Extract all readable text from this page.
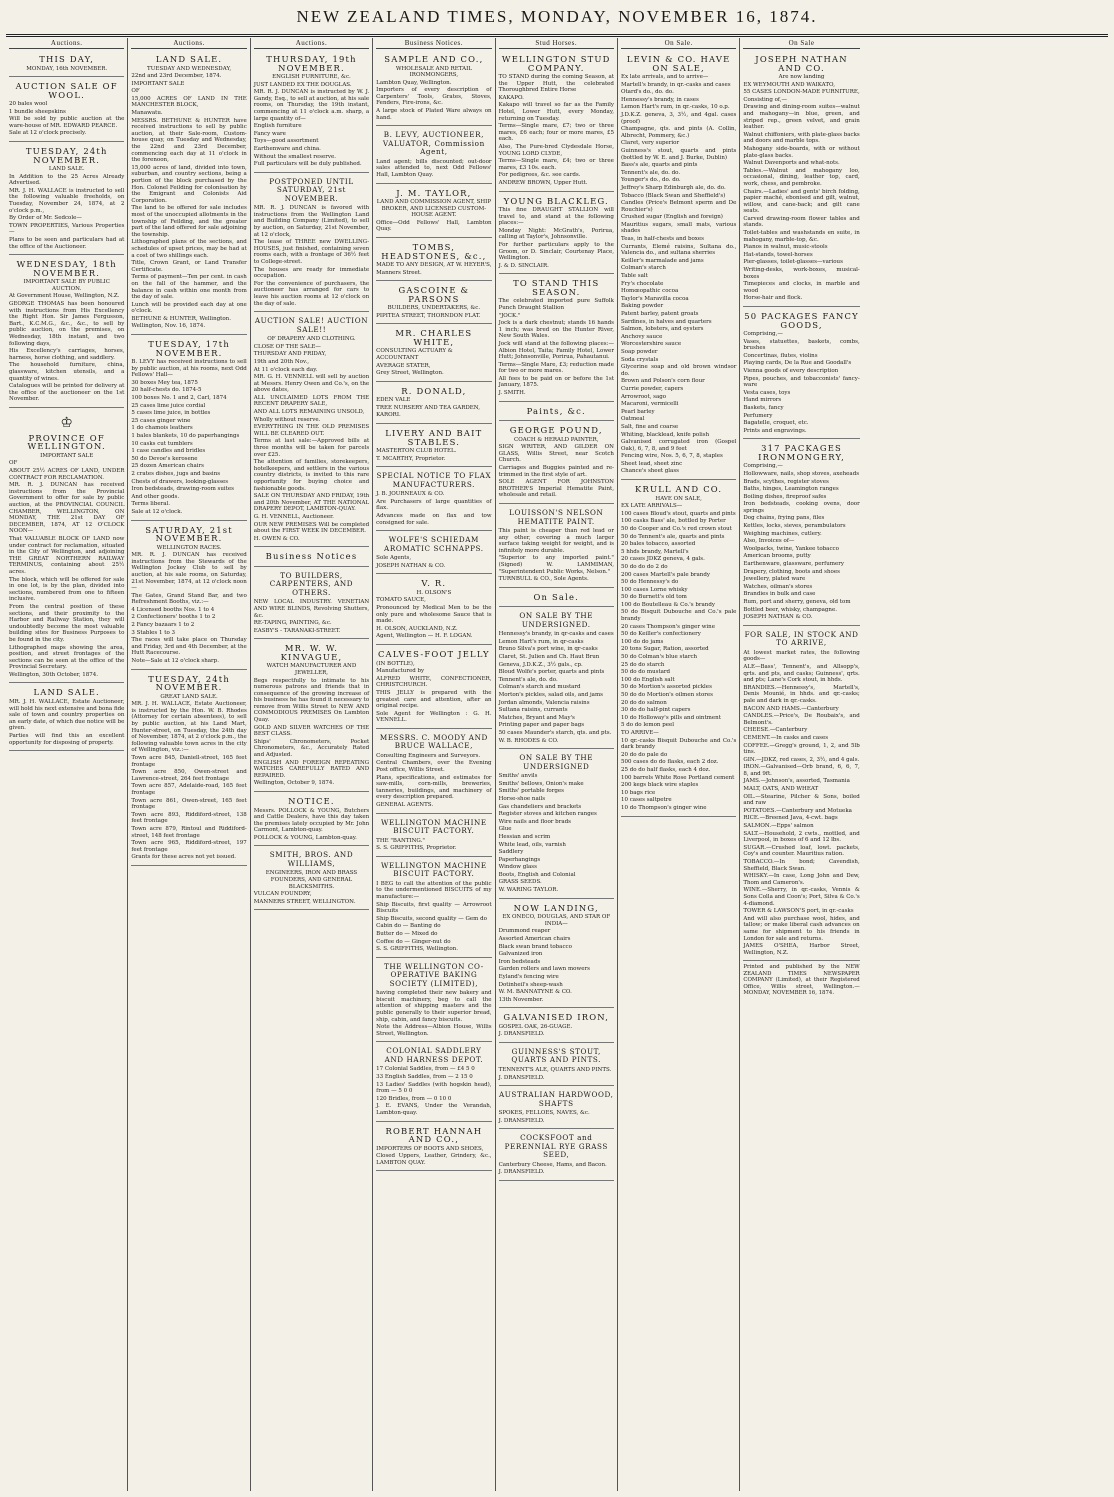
NEW ZEALAND TIMES, MONDAY, NOVEMBER 16, 1874.
Auctions.
THIS DAY,
MONDAY, 16th NOVEMBER.
AUCTION SALE OF WOOL.

20 bales wool

1 bundle sheepskins

Will be sold by public auction at the ware-house of MR. EDWARD PEARCE.

Sale at 12 o'clock precisely.

TUESDAY, 24th NOVEMBER.
LAND SALE.

In Addition to the 25 Acres Already Advertised.

MR. J. H. WALLACE is instructed to sell the following valuable freeholds, on Tuesday, November 24, 1874, at 2 o'clock p.m.,

By Order of Mr. Sedcole—

TOWN PROPERTIES, Various Properties—

Plans to be seen and particulars had at the office of the Auctioneer.

WEDNESDAY, 18th NOVEMBER.
IMPORTANT SALE BY PUBLIC AUCTION.

At Government House, Wellington, N.Z.

GEORGE THOMAS has been honoured with instructions from His Excellency the Right Hon. Sir James Fergusson, Bart., K.C.M.G., &c., &c., to sell by public auction, on the premises, on Wednesday, 18th instant, and two following days,

His Excellency's carriages, horses, harness, horse clothing, and saddlery.

The household furniture, china, glassware, kitchen utensils, and a quantity of wines.

Catalogues will be printed for delivery at the office of the auctioneer on the 1st November.

♔
PROVINCE OF WELLINGTON.
IMPORTANT SALE

OF

ABOUT 25½ ACRES OF LAND, UNDER CONTRACT FOR RECLAMATION.

MR. R. J. DUNCAN has received instructions from the Provincial Government to offer for sale by public auction, at the PROVINCIAL COUNCIL CHAMBER, WELLINGTON, ON MONDAY, THE 21st DAY OF DECEMBER, 1874, AT 12 O'CLOCK NOON—

That VALUABLE BLOCK OF LAND now under contract for reclamation, situated in the City of Wellington, and adjoining THE GREAT NORTHERN RAILWAY TERMINUS, containing about 25½ acres.

The block, which will be offered for sale in one lot, is by the plan, divided into sections, numbered from one to fifteen inclusive.

From the central position of these sections, and their proximity to the Harbor and Railway Station, they will undoubtedly become the most valuable building sites for Business Purposes to be found in the city.

Lithographed maps showing the area, position, and street frontages of the sections can be seen at the office of the Provincial Secretary.

Wellington, 30th October, 1874.

LAND SALE.

MR. J. H. WALLACE, Estate Auctioneer, will hold his next extensive and bona fide sale of town and country properties on an early date, of which due notice will be given.

Parties will find this an excellent opportunity for disposing of property.

Auctions.
LAND SALE.
TUESDAY AND WEDNESDAY,

22nd and 23rd December, 1874.

IMPORTANT SALE

OF

15,000 ACRES OF LAND IN THE MANCHESTER BLOCK,

Manawatu.

MESSRS. BETHUNE & HUNTER have received instructions to sell by public auction, at their Sale-room, Custom-house quay, on Tuesday and Wednesday, the 22nd and 23rd December, commencing each day at 11 o'clock in the forenoon,

15,000 acres of land, divided into town, suburban, and country sections, being a portion of the block purchased by the Hon. Colonel Feilding for colonisation by the Emigrant and Colonists Aid Corporation.

The land to be offered for sale includes most of the unoccupied allotments in the township of Feilding, and the greater part of the land offered for sale adjoining the township.

Lithographed plans of the sections, and schedules of upset prices, may be had at a cost of two shillings each.

Title, Crown Grant, or Land Transfer Certificate.

Terms of payment—Ten per cent. in cash on the fall of the hammer, and the balance in cash within one month from the day of sale.

Lunch will be provided each day at one o'clock.

BETHUNE & HUNTER, Wellington.

Wellington, Nov. 16, 1874.

TUESDAY, 17th NOVEMBER.

B. LEVY has received instructions to sell by public auction, at his rooms, next Odd Fellows' Hall—

30 boxes Mey tea, 1875

20 half-chests do. 1874-5

100 boxes No. 1 and 2, Carl, 1874

25 cases lime juice cordial

5 cases lime juice, in bottles

25 cases ginger wine

1 do chamois leathers

1 bales blankets, 10 do paperhangings

10 casks cut tumblers

1 case candles and bridles

50 do Devoe's kerosene

25 dozen American chairs

2 crates dishes, jugs and basins

Chests of drawers, looking-glasses

Iron bedsteads, drawing-room suites

And other goods.

Terms liberal.

Sale at 12 o'clock.

SATURDAY, 21st NOVEMBER.
WELLINGTON RACES.

MR. R. J. DUNCAN has received instructions from the Stewards of the Wellington Jockey Club to sell by auction, at his sale rooms, on Saturday, 21st November, 1874, at 12 o'clock noon—

The Gates, Grand Stand Bar, and two Refreshment Booths, viz.:—

4 Licensed booths Nos. 1 to 4

2 Confectioners' booths 1 to 2

2 Fancy bazaars 1 to 2

3 Stables 1 to 3

The races will take place on Thursday and Friday, 3rd and 4th December, at the Hutt Racecourse.

Note—Sale at 12 o'clock sharp.

TUESDAY, 24th NOVEMBER.
GREAT LAND SALE.

MR. J. H. WALLACE, Estate Auctioneer, is instructed by the Hon. W. B. Rhodes (Attorney for certain absentees), to sell by public auction, at his Land Mart, Hunter-street, on Tuesday, the 24th day of November, 1874, at 2 o'clock p.m., the following valuable town acres in the city of Wellington, viz.:—

Town acre 845, Daniell-street, 165 feet frontage

Town acre 850, Owen-street and Lawrence-street, 264 feet frontage

Town acre 857, Adelaide-road, 165 feet frontage

Town acre 861, Owen-street, 165 feet frontage

Town acre 893, Riddiford-street, 138 feet frontage

Town acre 879, Rintoul and Riddiford-street, 148 feet frontage

Town acre 965, Riddiford-street, 197 feet frontage

Grants for these acres not yet issued.

Auctions.
THURSDAY, 19th NOVEMBER.
ENGLISH FURNITURE, &c.

JUST LANDED EX THE DOUGLAS.

MR. R. J. DUNCAN is instructed by W. J. Gandy, Esq., to sell at auction, at his sale rooms, on Thursday, the 19th instant, commencing at 11 o'clock a.m. sharp, a large quantity of—

English furniture

Fancy ware

Toys—good assortment

Earthenware and china.

Without the smallest reserve.

Full particulars will be duly published.

POSTPONED UNTIL SATURDAY, 21st NOVEMBER.

MR. R. J. DUNCAN is favored with instructions from the Wellington Land and Building Company (Limited), to sell by auction, on Saturday, 21st November, at 12 o'clock,

The lease of THREE new DWELLING-HOUSES, just finished, containing seven rooms each, with a frontage of 36½ feet to College-street.

The houses are ready for immediate occupation.

For the convenience of purchasers, the auctioneer has arranged for cars to leave his auction rooms at 12 o'clock on the day of sale.

AUCTION SALE! AUCTION SALE!!
OF DRAPERY AND CLOTHING.

CLOSE OF THE SALE—

THURSDAY AND FRIDAY,

19th and 20th Nov.,

At 11 o'clock each day.

MR. G. H. VENNELL will sell by auction at Messrs. Henry Owen and Co.'s, on the above dates,

ALL UNCLAIMED LOTS FROM THE RECENT DRAPERY SALE,

AND ALL LOTS REMAINING UNSOLD,

Wholly without reserve.

EVERYTHING IN THE OLD PREMISES WILL BE CLEARED OUT.

Terms at last sale:—Approved bills at three months will be taken for parcels over £25.

The attention of families, storekeepers, hotelkeepers, and settlers in the various country districts, is invited to this rare opportunity for buying choice and fashionable goods.

SALE ON THURSDAY AND FRIDAY, 19th and 20th November, AT THE NATIONAL DRAPERY DEPOT, LAMBTON-QUAY.

G. H. VENNELL, Auctioneer.

OUR NEW PREMISES Will be completed about the FIRST WEEK IN DECEMBER.

H. OWEN & CO.

Business Notices
TO BUILDERS, CARPENTERS, AND OTHERS.

NEW LOCAL INDUSTRY. VENETIAN AND WIRE BLINDS, Revolving Shutters, &c.

RE-TAPING, PAINTING, &c.

EASBY'S - TARANAKI-STREET.

MR. W. W. KINVAGUE,
WATCH MANUFACTURER AND JEWELLER,

Begs respectfully to intimate to his numerous patrons and friends that in consequence of the growing increase of his business he has found it necessary to remove from Willis Street to NEW AND COMMODIOUS PREMISES On Lambton Quay.

GOLD AND SILVER WATCHES OF THE BEST CLASS.

Ships' Chronometers, Pocket Chronometers, &c., Accurately Rated and Adjusted.

ENGLISH AND FOREIGN REPEATING WATCHES CAREFULLY RATED AND REPAIRED.

Wellington, October 9, 1874.

NOTICE.

Messrs. POLLOCK & YOUNG, Butchers and Cattle Dealers, have this day taken the premises lately occupied by Mr. John Carmont, Lambton-quay.

POLLOCK & YOUNG, Lambton-quay.

SMITH, BROS. AND WILLIAMS,
ENGINEERS, IRON AND BRASS FOUNDERS, AND GENERAL BLACKSMITHS.

VULCAN FOUNDRY,

MANNERS STREET, WELLINGTON.

Business Notices.
SAMPLE AND CO.,
WHOLESALE AND RETAIL IRONMONGERS,

Lambton Quay, Wellington.

Importers of every description of Carpenters' Tools, Grates, Stoves, Fenders, Fire-irons, &c.

A large stock of Plated Ware always on hand.

B. LEVY, AUCTIONEER, VALUATOR, Commission Agent,

Land agent; bills discounted; out-door sales attended to, next Odd Fellows' Hall, Lambton Quay.

J. M. TAYLOR,
LAND AND COMMISSION AGENT, SHIP BROKER, AND LICENSED CUSTOM-HOUSE AGENT.

Office—Odd Fellows' Hall, Lambton Quay.

TOMBS, HEADSTONES, &c.,

MADE TO ANY DESIGN, AT W. HEYER'S,

Manners Street.

GASCOINE & PARSONS
BUILDERS, UNDERTAKERS, &c.

PIPITEA STREET, THORNDON FLAT.

MR. CHARLES WHITE,

CONSULTING ACTUARY & ACCOUNTANT

AVERAGE STATER,

Grey Street, Wellington.

R. DONALD,

EDEN VALE

TREE NURSERY AND TEA GARDEN,

KARORI.

LIVERY AND BAIT STABLES.

MASTERTON CLUB HOTEL.

T. MCARTHY, Proprietor.

SPECIAL NOTICE TO FLAX MANUFACTURERS.

J. B. JOURNEAUX & CO.

Are Purchasers of large quantities of flax.

Advances made on flax and tow consigned for sale.

WOLFE'S SCHIEDAM AROMATIC SCHNAPPS.

Sole Agents,

JOSEPH NATHAN & CO.

V. R.
H. OLSON'S

TOMATO SAUCE,

Pronounced by Medical Men to be the only pure and wholesome Sauce that is made.

H. OLSON, AUCKLAND, N.Z.

Agent, Wellington — H. F. LOGAN.

CALVES-FOOT JELLY

(IN BOTTLE),

Manufactured by

ALFRED WHITE, CONFECTIONER, CHRISTCHURCH.

THIS JELLY is prepared with the greatest care and attention, after an original recipe.

Sole Agent for Wellington : G. H. VENNELL.

MESSRS. C. MOODY AND BRUCE WALLACE,

Consulting Engineers and Surveyors.

Central Chambers, over the Evening Post office, Willis Street.

Plans, specifications, and estimates for saw-mills, corn-mills, breweries, tanneries, buildings, and machinery of every description prepared.

GENERAL AGENTS.

WELLINGTON MACHINE BISCUIT FACTORY.

THE "BANTING."

S. S. GRIFFITHS, Proprietor.

WELLINGTON MACHINE BISCUIT FACTORY.

I BEG to call the attention of the public to the undermentioned BISCUITS of my manufacture:—

Ship Biscuits, first quality — Arrowroot Biscuits

Ship Biscuits, second quality — Gem do

Cabin do — Banting do

Butter do — Mixed do

Coffee do — Ginger-nut do

S. S. GRIFFITHS, Wellington.

THE WELLINGTON CO-OPERATIVE BAKING SOCIETY (LIMITED),

having completed their new bakery and biscuit machinery, beg to call the attention of shipping masters and the public generally to their superior bread, ship, cabin, and fancy biscuits.

Note the Address—Albion House, Willis Street, Wellington.

COLONIAL SADDLERY AND HARNESS DEPOT.

17 Colonial Saddles, from — £4 5 0

33 English Saddles, from — 2 15 0

13 Ladies' Saddles (with hogskin head), from — 5 0 0

120 Bridles, from — 0 10 0

J. E. EVANS, Under the Verandah, Lambton-quay.

ROBERT HANNAH AND CO.,

IMPORTERS OF BOOTS AND SHOES,

Closed Uppers, Leather, Grindery, &c., LAMBTON QUAY.

Stud Horses.
WELLINGTON STUD COMPANY.

TO STAND during the coming Season, at the Upper Hutt, the celebrated Thoroughbred Entire Horse

KAKAPO.

Kakapo will travel so far as the Family Hotel, Lower Hutt, every Monday, returning on Tuesday.

Terms—Single mare, £7; two or three mares, £6 each; four or more mares, £5 each.

Also, The Pure-bred Clydesdale Horse, YOUNG LORD CLYDE,

Terms—Single mare, £4; two or three mares, £3 10s. each.

For pedigrees, &c. see cards.

ANDREW BROWN, Upper Hutt.

YOUNG BLACKLEG.

This fine DRAUGHT STALLION will travel to, and stand at the following places:—

Monday Night: McGrath's, Porirua, calling at Taylor's, Johnsonville.

For further particulars apply to the Groom, or D. Sinclair, Courtenay Place, Wellington.

J. & D. SINCLAIR.

TO STAND THIS SEASON.

The celebrated imported pure Suffolk Punch Draught Stallion

"JOCK."

Jock is a dark chestnut; stands 16 hands 1 inch; was bred on the Hunter River, New South Wales.

Jock will stand at the following places:—Albion Hotel, Taita; Family Hotel, Lower Hutt; Johnsonville, Porirua, Pahautanui.

Terms—Single Mare, £3; reduction made for two or more mares.

All fees to be paid on or before the 1st January, 1875.

J. SMITH.

Paints, &c.
GEORGE POUND,
COACH & HERALD PAINTER,

SIGN WRITER, AND GILDER ON GLASS, Willis Street, near Scotch Church.

Carriages and Buggies painted and re-trimmed in the first style of art.

SOLE AGENT FOR JOHNSTON BROTHER'S Imperial Hematite Paint, wholesale and retail.

LOUISSON'S NELSON HEMATITE PAINT.

This paint is cheaper than red lead or any other, covering a much larger surface taking weight for weight, and is infinitely more durable.

"Superior to any imported paint." (Signed) W. LAMMIMAN, "Superintendent Public Works, Nelson."

TURNBULL & CO., Sole Agents.

On Sale.
ON SALE BY THE UNDERSIGNED.

Hennessy's brandy, in qr-casks and cases

Lemon Hart's rum, in qr-casks

Bruno Silva's port wine, in qr-casks

Claret, St. Julien and Ch. Haut Brun

Geneva, J.D.K.Z., 3½ gals., cp.

Bloud Wolfe's porter, quarts and pints

Tennent's ale, do. do.

Colman's starch and mustard

Morton's pickles, salad oils, and jams

Jordan almonds, Valencia raisins

Sultana raisins, currants

Matches, Bryant and May's

Printing paper and paper bags

50 cases Maunder's starch, qts. and pts.

W. B. RHODES & CO.

ON SALE BY THE UNDERSIGNED

Smiths' anvils

Smiths' bellows, Onion's make

Smiths' portable forges

Horse-shoe nails

Gas chandeliers and brackets

Register stoves and kitchen ranges

Wire nails and floor brads

Glue

Hessian and scrim

White lead, oils, varnish

Saddlery

Paperhangings

Window glass

Boots, English and Colonial

GRASS SEEDS.

W. WARING TAYLOR.

NOW LANDING,
EX ONECO, DOUGLAS, AND STAR OF INDIA—

Drummond reaper

Assorted American chairs

Black swan brand tobacco

Galvanized iron

Iron bedsteads

Garden rollers and lawn mowers

Eyland's fencing wire

Dotinheil's sheep-wash

W. M. BANNATYNE & CO.

13th November.

GALVANISED IRON,

GOSPEL OAK, 26-GUAGE.

J. DRANSFIELD.

GUINNESS'S STOUT, QUARTS AND PINTS.

TENNENT'S ALE, QUARTS AND PINTS.

J. DRANSFIELD.

AUSTRALIAN HARDWOOD, SHAFTS

SPOKES, FELLOES, NAVES, &c.

J. DRANSFIELD.

COCKSFOOT and PERENNIAL RYE GRASS SEED,

Canterbury Cheese, Hams, and Bacon.

J. DRANSFIELD.

On Sale.
LEVIN & CO. HAVE ON SALE,

Ex late arrivals, and to arrive—

Martell's brandy, in qr.-casks and cases

Otard's do., do. do.

Hennessy's brandy, in cases

Lemon Hart's rum, in qr.-casks, 10 o.p.

J.D.K.Z. geneva, 3, 3½, and 4gal. cases (proof)

Champagne, qts. and pints (A. Collin, Albrecht, Pommery, &c.)

Claret, very superior

Guinness's stout, quarts and pints (bottled by W. E. and J. Burke, Dublin)

Bass's ale, quarts and pints

Tennent's ale, do. do.

Younger's do., do. do.

Jeffrey's Sharp Edinburgh ale, do. do.

Tobacco (Black Swan and Sheffield's)

Candles (Price's Belmont sperm and De Rouchier's)

Crushed sugar (English and foreign)

Mauritius sugars, small mats, various shades

Teas, in half-chests and boxes

Currants, Elemé raisins, Sultana do., Valencia do., and sultana sherries

Keiller's marmalade and jams

Colman's starch

Table salt

Fry's chocolate

Homœopathic cocoa

Taylor's Maravilla cocoa

Baking powder

Patent barley, patent groats

Sardines, in halves and quarters

Salmon, lobsters, and oysters

Anchovy sauce

Worcestershire sauce

Soap powder

Soda crystals

Glycerine soap and old brown windsor do.

Brown and Polson's corn flour

Currie powder, capers

Arrowroot, sago

Macaroni, vermicelli

Pearl barley

Oatmeal

Salt, fine and coarse

Whiting, blacklead, knife polish

Galvanised corrugated iron (Gospel Oak), 6, 7, 8, and 9 feet

Fencing wire, Nos. 5, 6, 7, 8, staples

Sheet lead, sheet zinc

Chance's sheet glass

KRULL AND CO.
HAVE ON SALE,

EX LATE ARRIVALS—

100 cases Bloud's stout, quarts and pints

100 casks Bass' ale, bottled by Porter

50 do Cooper and Co.'s red crown stout

50 do Tennent's ale, quarts and pints

20 bales tobacco, assorted

5 hhds brandy, Martell's

20 cases JDKZ geneva, 4 gals.

50 do do do 2 do

200 cases Martell's pale brandy

50 do Hennessy's do

100 cases Lorne whisky

50 do Burnett's old tom

100 do Boutelleau & Co.'s brandy

50 do Bisquit Dubouche and Co.'s pale brandy

20 cases Thompson's ginger wine

50 do Keiller's confectionery

100 do do jams

20 tons Sugar, Ration, assorted

50 do Colman's blue starch

25 do do starch

50 do do mustard

100 do English salt

50 do Mortion's assorted pickles

50 do do Mortion's oilmen stores

20 do do salmon

30 do do half-pint capers

10 do Holloway's pills and ointment

5 do do lemon peel

TO ARRIVE—

10 qr.-casks Bisquit Dubouche and Co.'s dark brandy

20 do do pale do

500 cases do do flasks, each 2 doz.

25 do do half flasks, each 4 doz.

100 barrels White Rose Portland cement

200 kegs black wire staples

10 bags rice

10 cases saltpetre

10 do Thompson's ginger wine

On Sale
JOSEPH NATHAN AND CO.
Are now landing

EX WEYMOUTH AND WAIKATO,

55 CASES LONDON-MADE FURNITURE,

Consisting of,—

Drawing and dining-room suites—walnut and mahogany—in blue, green, and striped rep., green velvet, and grain leather.

Walnut chiffoniers, with plate-glass backs and doors and marble tops.

Mahogany side-boards, with or without plate-glass backs.

Walnut Davenports and what-nots.

Tables.—Walnut and mahogany loo, occasional, dining, leather top, card, work, chess, and pembroke.

Chairs.—Ladies' and gents' birch folding, papier maché, ebonised and gilt, walnut, willow, and cane-back; and gilt cane seats.

Carved drawing-room flower tables and stands.

Toilet-tables and washstands en suite, in mahogany, marble-top, &c.

Pianos in walnut, music-stools

Hat-stands, towel-horses

Pier-glasses, toilet-glasses—various

Writing-desks, work-boxes, musical-boxes

Timepieces and clocks, in marble and wood

Horse-hair and flock.

50 PACKAGES FANCY GOODS,

Comprising,—

Vases, statuettes, baskets, combs, brushes

Concertinas, flutes, violins

Playing cards, De la Rue and Goodall's

Vienna goods of every description

Pipes, pouches, and tobacconists' fancy-ware

Vesta cases, toys

Hand mirrors

Baskets, fancy

Perfumery

Bagatelle, croquet, etc.

Prints and engravings.

317 PACKAGES IRONMONGERY,

Comprising,—

Hollowware, nails, shop stoves, axeheads

Brads, scythes, register stoves

Baths, hinges, Leamington ranges

Boiling dishes, fireproof safes

Iron bedsteads, cooking ovens, door springs

Dog chains, frying pans, files

Kettles, locks, sieves, perambulators

Weighing machines, cutlery.

Also, Invoices of—

Woolpacks, twine, Yankee tobacco

American brooms, putty

Earthenware, glassware, perfumery

Drapery, clothing, boots and shoes

Jewellery, plated ware

Watches, oilman's stores

Brandies in bulk and case

Rum, port and sherry, geneva, old tom

Bottled beer, whisky, champagne.

JOSEPH NATHAN & CO.

FOR SALE, IN STOCK AND TO ARRIVE,

At lowest market rates, the following goods—

ALE—Bass', Tennent's, and Allsopp's, qrts. and pts, and casks; Guinness', qrts. and pts; Lane's Cork stout, in hhds.

BRANDIES.—Hennessy's, Martell's, Denis Mounié, in hhds. and qr.-casks; pale and dark in qr.-casks.

BACON AND HAMS.—Canterbury

CANDLES.—Price's, De Roubaix's, and Belmont's.

CHEESE.—Canterbury

CEMENT.—In casks and cases

COFFEE.—Gregg's ground, 1, 2, and 5lb tins.

GIN.—JDKZ, red cases, 2, 3½, and 4 gals.

IRON.—Galvanised—Orb brand, 6, 6, 7, 8, and 9ft.

JAMS.—Johnson's, assorted, Tasmania

MALT, OATS, AND WHEAT

OIL.—Stearine, Pilcher & Sons, boiled and raw

POTATOES.—Canterbury and Motueka

RICE.—Breened Java, 4-cwt. bags

SALMON.—Epps' salmon

SALT.—Household, 2 cwts., mottled, and Liverpool, in boxes of 6 and 12 lbs.

SUGAR.—Crushed loaf, lowt. packets, Coy's and counter. Mauritius ration.

TOBACCO.—In bond; Cavendish, Sheffield, Black Swan.

WHISKY.—In case, Long John and Dew, Thom and Cameron's.

WINE.—Sherry, in qr.-casks, Vennis & Sons Colla and Coon's; Port, Silva & Co.'s 4-diamond.

TOWER & LAWSON'S port, in qr.-casks

And will also purchase wool, hides, and tallow; or make liberal cash advances on same for shipment to his friends in London for sale and returns.

JAMES O'SHEA, Harbor Street, Wellington, N.Z.

Printed and published by the NEW ZEALAND TIMES NEWSPAPER COMPANY (Limited), at their Registered Office, Willis street, Wellington.—MONDAY, NOVEMBER 16, 1874.
